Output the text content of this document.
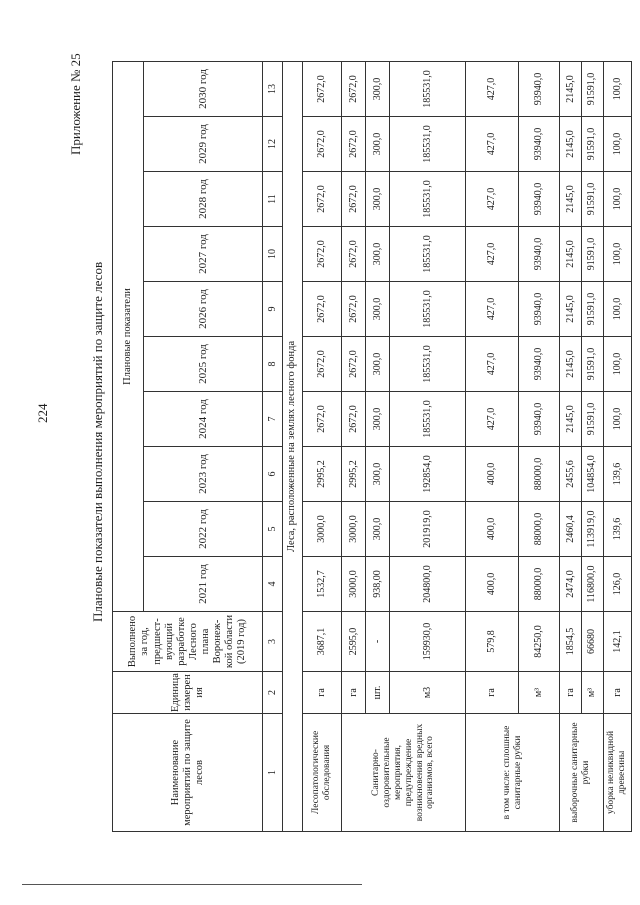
224
Приложение № 25
Плановые показатели выполнения мероприятий по защите лесов
Наименование мероприятий по защите лесов	Единица измерен ия	Выполнено за год, предшест-вующий разработке Лесного плана Воронеж-кой области (2019 год)	Плановые показатели									
			2021 год	2022 год	2023 год	2024 год	2025 год	2026 год	2027 год	2028 год	2029 год	2030 год
1	2	3	4	5	6	7	8	9	10	11	12	13
Леса, расположенные на землях лесного фонда												
Лесопатологические обследования	га	3687,1	1532,7	3000,0	2995,2	2672,0	2672,0	2672,0	2672,0	2672,0	2672,0	2672,0
Санитарно-оздоровительные мероприятия, предупреждение возникновения вредных организмов, всего	га	2595,0	3000,0	3000,0	2995,2	2672,0	2672,0	2672,0	2672,0	2672,0	2672,0	2672,0
	шт.	-	938,00	300,0	300,0	300,0	300,0	300,0	300,0	300,0	300,0	300,0
	м3	159930,0	204800,0	201919,0	192854,0	185531,0	185531,0	185531,0	185531,0	185531,0	185531,0	185531,0
в том числе: сплошные санитарные рубки	га	579,8	400,0	400,0	400,0	427,0	427,0	427,0	427,0	427,0	427,0	427,0
	м³	84250,0	88000,0	88000,0	88000,0	93940,0	93940,0	93940,0	93940,0	93940,0	93940,0	93940,0
выборочные санитарные рубки	га	1854,5	2474,0	2460,4	2455,6	2145,0	2145,0	2145,0	2145,0	2145,0	2145,0	2145,0
	м³	66680	116800,0	113919,0	104854,0	91591,0	91591,0	91591,0	91591,0	91591,0	91591,0	91591,0
уборка неликвидной древесины	га	142,1	126,0	139,6	139,6	100,0	100,0	100,0	100,0	100,0	100,0	100,0
